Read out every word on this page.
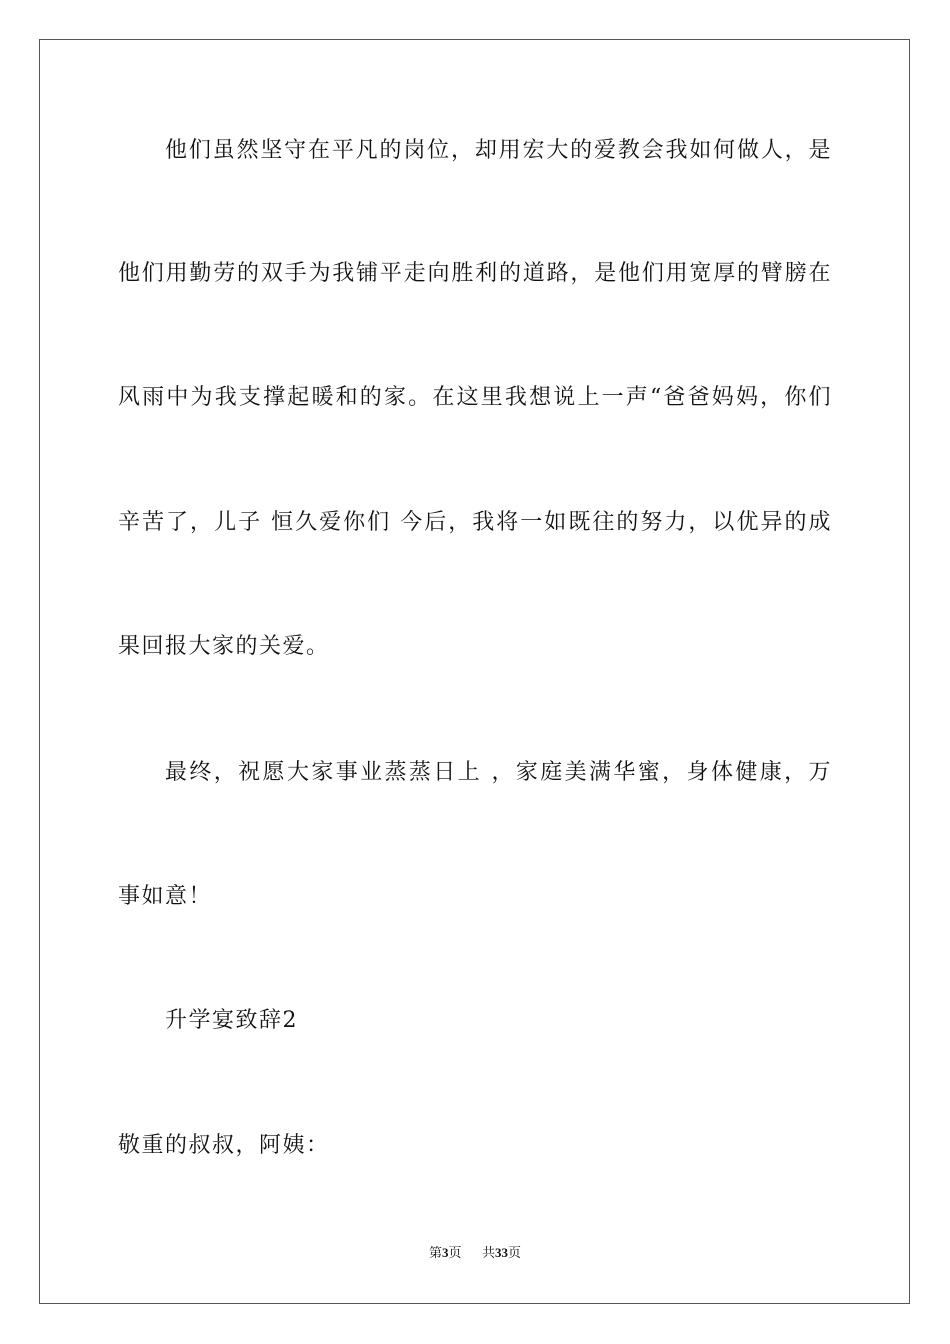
他们虽然坚守在平凡的岗位，却用宏大的爱教会我如何做人，是
他们用勤劳的双手为我铺平走向胜利的道路，是他们用宽厚的臂膀在
风雨中为我支撑起暖和的家。在这里我想说上一声“爸爸妈妈，你们
辛苦了，儿子 恒久爱你们 今后，我将一如既往的努力，以优异的成
果回报大家的关爱。
最终，祝愿大家事业蒸蒸日上 ，家庭美满华蜜，身体健康，万
事如意！
升学宴致辞2
敬重的叔叔，阿姨：
第3页 共33页
